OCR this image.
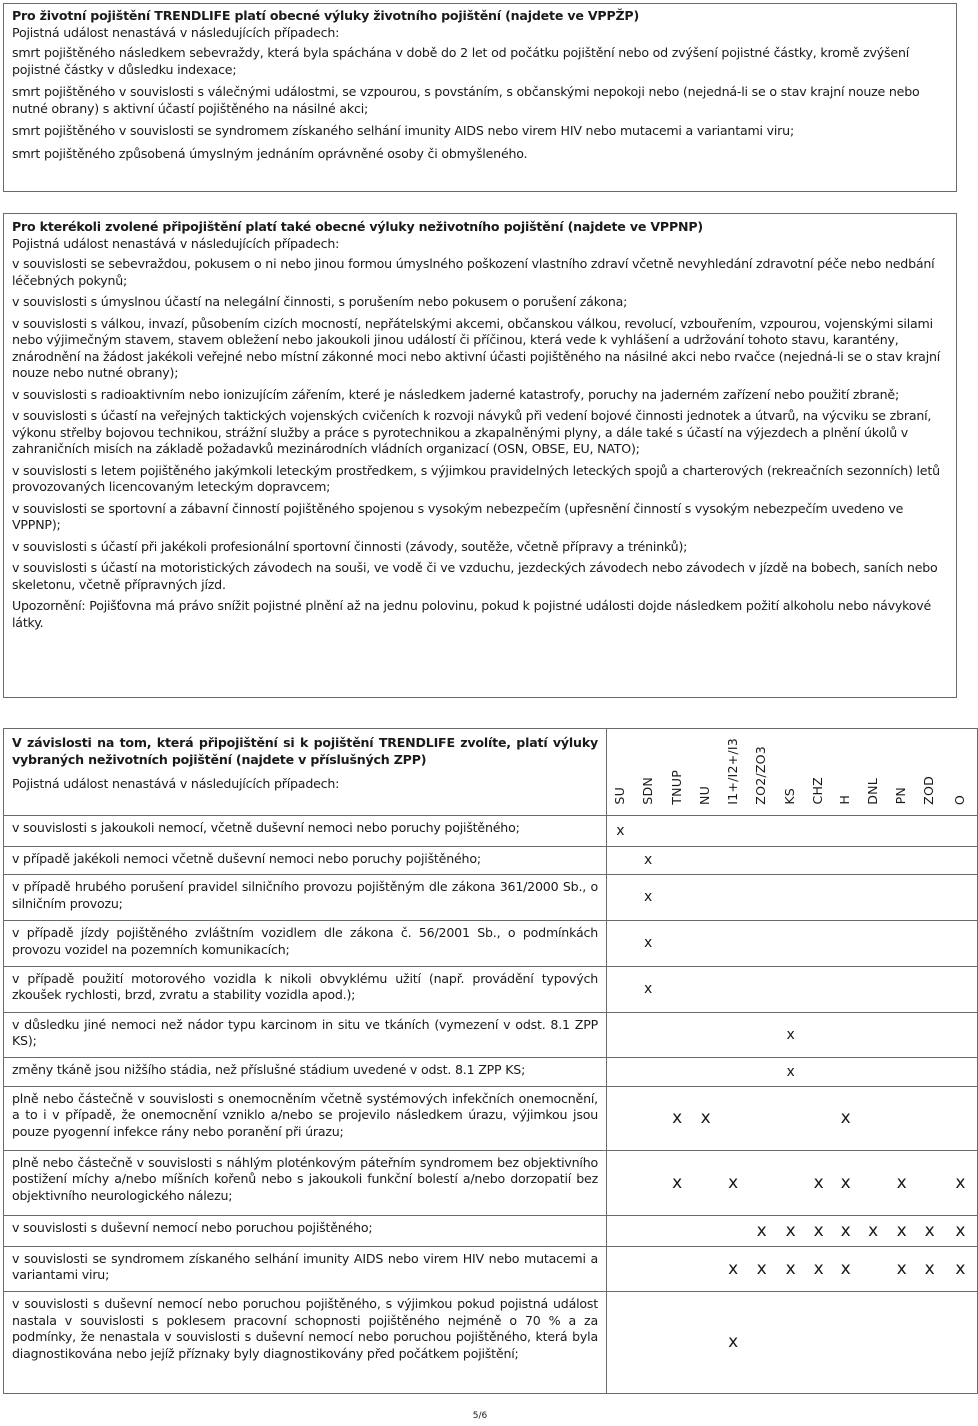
Pro životní pojištění TRENDLIFE platí obecné výluky životního pojištění (najdete ve VPPŽP)

Pojistná událost nenastává v následujících případech:

smrt pojištěného následkem sebevraždy, která byla spáchána v době do 2 let od počátku pojištění nebo od zvýšení pojistné částky, kromě zvýšení pojistné částky v důsledku indexace;

smrt pojištěného v souvislosti s válečnými událostmi, se vzpourou, s povstáním, s občanskými nepokoji nebo (nejedná-li se o stav krajní nouze nebo nutné obrany) s aktivní účastí pojištěného na násilné akci;

smrt pojištěného v souvislosti se syndromem získaného selhání imunity AIDS nebo virem HIV nebo mutacemi a variantami viru;

smrt pojištěného způsobená úmyslným jednáním oprávněné osoby či obmyšleného.

Pro kterékoli zvolené připojištění platí také obecné výluky neživotního pojištění (najdete ve VPPNP)

Pojistná událost nenastává v následujících případech:

v souvislosti se sebevraždou, pokusem o ni nebo jinou formou úmyslného poškození vlastního zdraví včetně nevyhledání zdravotní péče nebo nedbání léčebných pokynů;

v souvislosti s úmyslnou účastí na nelegální činnosti, s porušením nebo pokusem o porušení zákona;

v souvislosti s válkou, invazí, působením cizích mocností, nepřátelskými akcemi, občanskou válkou, revolucí, vzbouřením, vzpourou, vojenskými silami nebo výjimečným stavem, stavem obležení nebo jakoukoli jinou událostí či příčinou, která vede k vyhlášení a udržování tohoto stavu, karantény, znárodnění na žádost jakékoli veřejné nebo místní zákonné moci nebo aktivní účasti pojištěného na násilné akci nebo rvačce (nejedná-li se o stav krajní nouze nebo nutné obrany);

v souvislosti s radioaktivním nebo ionizujícím zářením, které je následkem jaderné katastrofy, poruchy na jaderném zařízení nebo použití zbraně;

v souvislosti s účastí na veřejných taktických vojenských cvičeních k rozvoji návyků při vedení bojové činnosti jednotek a útvarů, na výcviku se zbraní, výkonu střelby bojovou technikou, strážní služby a práce s pyrotechnikou a zkapalněnými plyny, a dále také s účastí na výjezdech a plnění úkolů v zahraničních misích na základě požadavků mezinárodních vládních organizací (OSN, OBSE, EU, NATO);

v souvislosti s letem pojištěného jakýmkoli leteckým prostředkem, s výjimkou pravidelných leteckých spojů a charterových (rekreačních sezonních) letů provozovaných licencovaným leteckým dopravcem;

v souvislosti se sportovní a zábavní činností pojištěného spojenou s vysokým nebezpečím (upřesnění činností s vysokým nebezpečím uvedeno ve VPPNP);

v souvislosti s účastí při jakékoli profesionální sportovní činnosti (závody, soutěže, včetně přípravy a tréninků);

v souvislosti s účastí na motoristických závodech na souši, ve vodě či ve vzduchu, jezdeckých závodech nebo závodech v jízdě na bobech, saních nebo skeletonu, včetně přípravných jízd.

Upozornění: Pojišťovna má právo snížit pojistné plnění až na jednu polovinu, pokud k pojistné události dojde následkem požití alkoholu nebo návykové látky.

V závislosti na tom, která připojištění si k pojištění TRENDLIFE zvolíte, platí výluky vybraných neživotních pojištění (najdete v příslušných ZPP)
Pojistná událost nenastává v následujících případech:	SU	SDN	TNUP	NU	I1+/I2+/I3	ZO2/ZO3	KS	CHZ	H	DNL	PN	ZOD	O
v souvislosti s jakoukoli nemocí, včetně duševní nemoci nebo poruchy pojištěného;	x												
v případě jakékoli nemoci včetně duševní nemoci nebo poruchy pojištěného;		x											
v případě hrubého porušení pravidel silničního provozu pojištěným dle zákona 361/2000 Sb., o silničním provozu;		x											
v případě jízdy pojištěného zvláštním vozidlem dle zákona č. 56/2001 Sb., o podmínkách provozu vozidel na pozemních komunikacích;		x											
v případě použití motorového vozidla k nikoli obvyklému užití (např. provádění typových zkoušek rychlosti, brzd, zvratu a stability vozidla apod.);		x											
v důsledku jiné nemoci než nádor typu karcinom in situ ve tkáních (vymezení v odst. 8.1 ZPP KS);							x						
změny tkáně jsou nižšího stádia, než příslušné stádium uvedené v odst. 8.1 ZPP KS;							x						
plně nebo částečně v souvislosti s onemocněním včetně systémových infekčních onemocnění, a to i v případě, že onemocnění vzniklo a/nebo se projevilo následkem úrazu, výjimkou jsou pouze pyogenní infekce rány nebo poranění při úrazu;			x	x					x				
plně nebo částečně v souvislosti s náhlým ploténkovým páteřním syndromem bez objektivního postižení míchy a/nebo míšních kořenů nebo s jakoukoli funkční bolestí a/nebo dorzopatií bez objektivního neurologického nálezu;			x		x			x	x		x		x
v souvislosti s duševní nemocí nebo poruchou pojištěného;						x	x	x	x	x	x	x	x
v souvislosti se syndromem získaného selhání imunity AIDS nebo virem HIV nebo mutacemi a variantami viru;					x	x	x	x	x		x	x	x
v souvislosti s duševní nemocí nebo poruchou pojištěného, s výjimkou pokud pojistná událost nastala v souvislosti s poklesem pracovní schopnosti pojištěného nejméně o 70 % a za podmínky, že nenastala v souvislosti s duševní nemocí nebo poruchou pojištěného, která byla diagnostikována nebo jejíž příznaky byly diagnostikovány před počátkem pojištění;					x								
5/6
